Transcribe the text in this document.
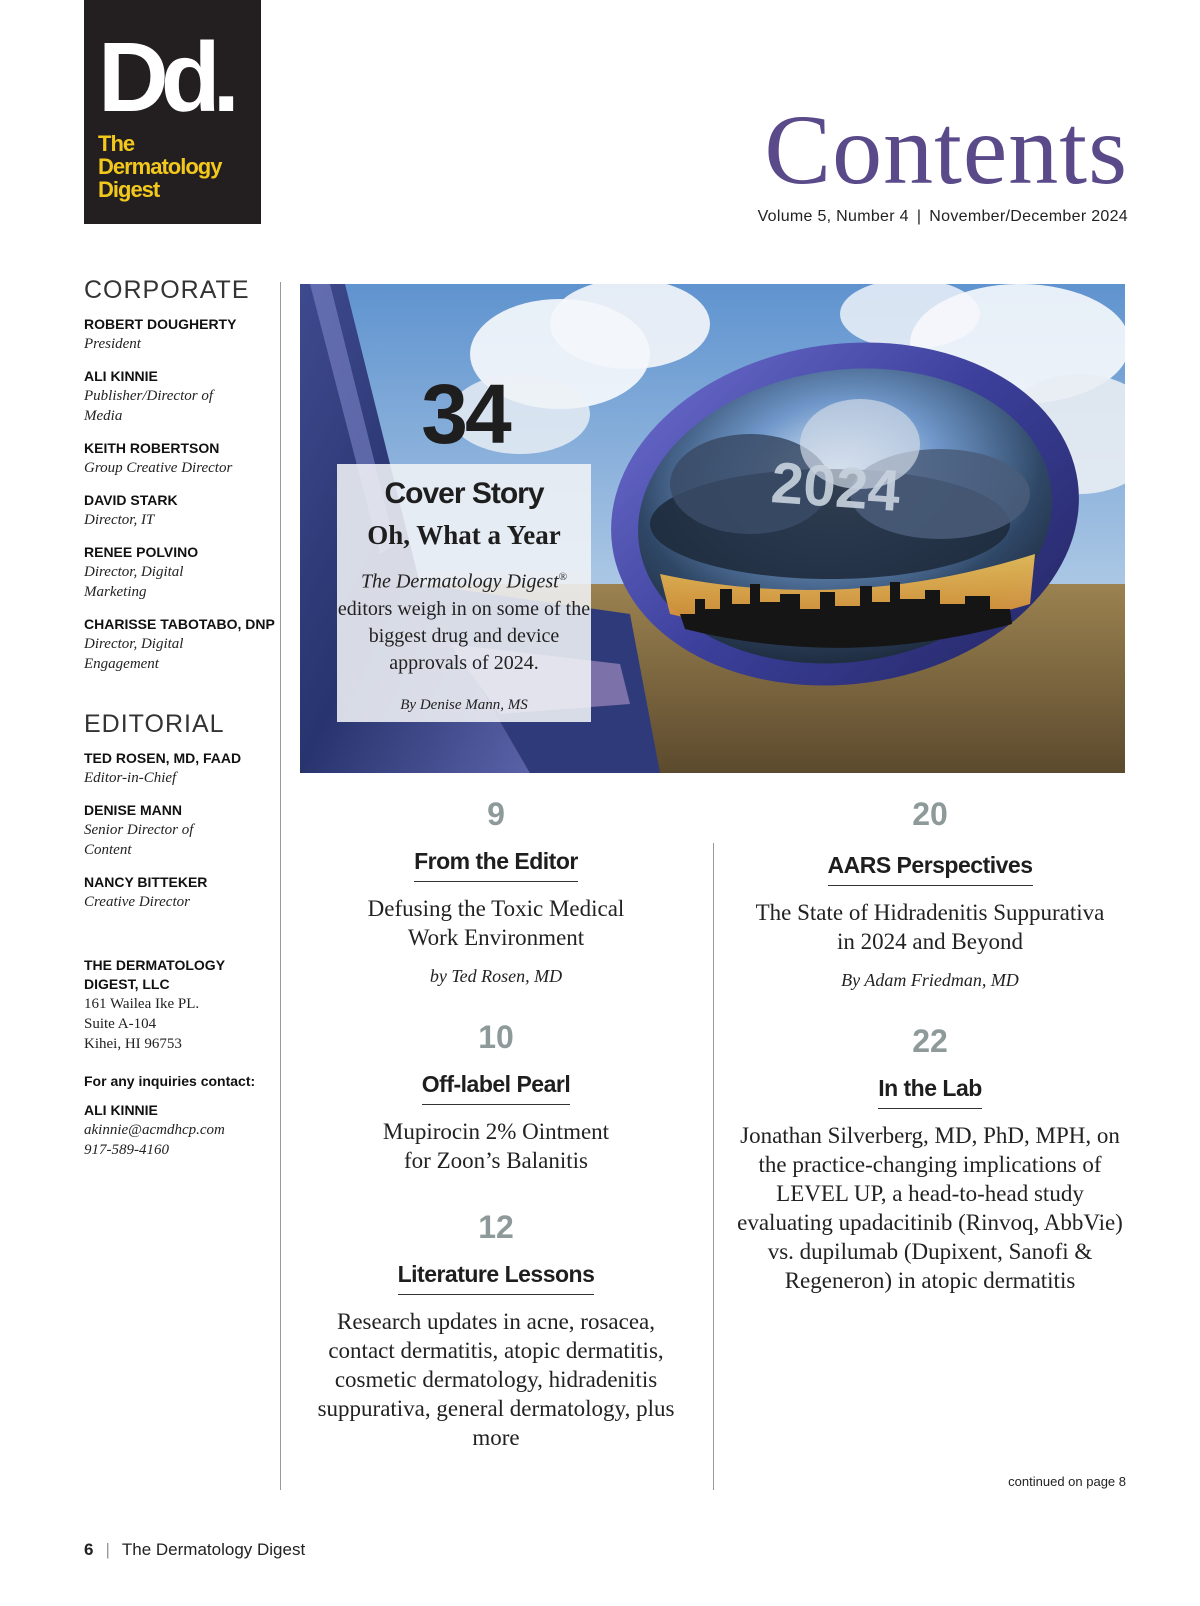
Dd.
The
Dermatology
Digest	Contents
Volume 5, Number 4 | November/December 2024
CORPORATE
ROBERT DOUGHERTY
President
ALI KINNIE
Publisher/Director of Media
KEITH ROBERTSON
Group Creative Director
DAVID STARK
Director, IT
RENEE POLVINO
Director, Digital Marketing
CHARISSE TABOTABO, DNP
Director, Digital Engagement
EDITORIAL
TED ROSEN, MD, FAAD
Editor-in-Chief
DENISE MANN
Senior Director of Content
NANCY BITTEKER
Creative Director
THE DERMATOLOGY
DIGEST, LLC
161 Wailea Ike PL.
Suite A-104
Kihei, HI 96753
For any inquiries contact:
ALI KINNIE
akinnie@acmdhcp.com
917-589-4160
2024
34
Cover Story
Oh, What a Year
The Dermatology Digest® editors weigh in on some of the biggest drug and device approvals of 2024.
By Denise Mann, MS
9
From the Editor
Defusing the Toxic Medical Work Environment
by Ted Rosen, MD
10
Off-label Pearl
Mupirocin 2% Ointment for Zoon’s Balanitis
12
Literature Lessons
Research updates in acne, rosacea, contact dermatitis, atopic dermatitis, cosmetic dermatology, hidradenitis suppurativa, general dermatology, plus more
20
AARS Perspectives
The State of Hidradenitis Suppurativa in 2024 and Beyond
By Adam Friedman, MD
22
In the Lab
Jonathan Silverberg, MD, PhD, MPH, on the practice-changing implications of LEVEL UP, a head-to-head study evaluating upadacitinib (Rinvoq, AbbVie) vs. dupilumab (Dupixent, Sanofi & Regeneron) in atopic dermatitis
continued on page 8
6 | The Dermatology Digest
